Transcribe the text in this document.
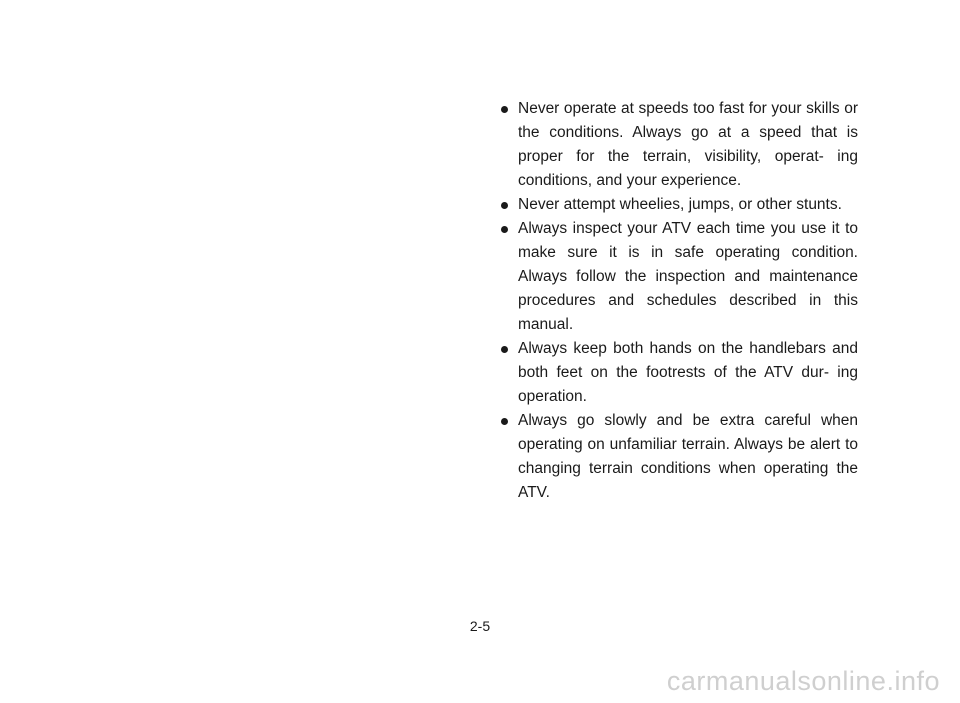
Never operate at speeds too fast for your skills or the conditions. Always go at a speed that is proper for the terrain, visibility, operat- ing conditions, and your experience.
Never attempt wheelies, jumps, or other stunts.
Always inspect your ATV each time you use it to make sure it is in safe operating condition. Always follow the inspection and maintenance procedures and schedules described in this manual.
Always keep both hands on the handlebars and both feet on the footrests of the ATV dur- ing operation.
Always go slowly and be extra careful when operating on unfamiliar terrain. Always be alert to changing terrain conditions when operating the ATV.
2-5
carmanualsonline.info
